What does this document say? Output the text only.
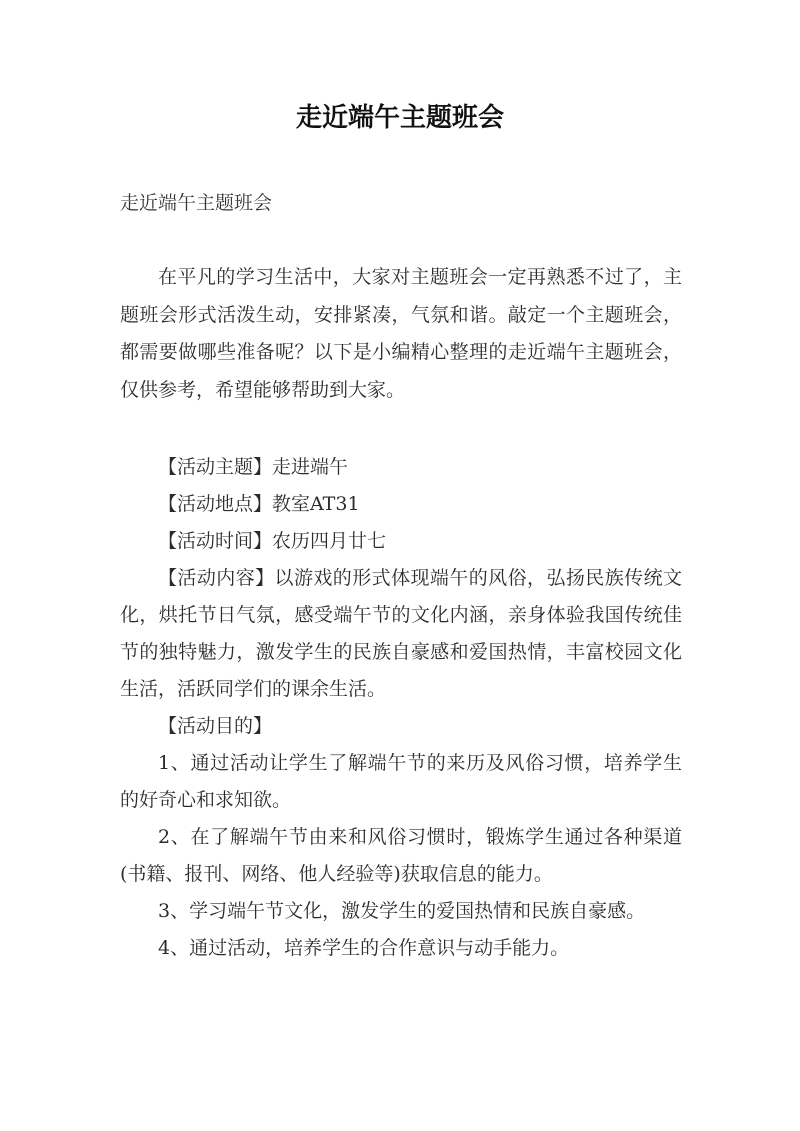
走近端午主题班会
走近端午主题班会

在平凡的学习生活中，大家对主题班会一定再熟悉不过了，主题班会形式活泼生动，安排紧凑，气氛和谐。敲定一个主题班会，都需要做哪些准备呢？以下是小编精心整理的走近端午主题班会，仅供参考，希望能够帮助到大家。

【活动主题】走进端午

【活动地点】教室AT31

【活动时间】农历四月廿七

【活动内容】以游戏的形式体现端午的风俗，弘扬民族传统文化，烘托节日气氛，感受端午节的文化内涵，亲身体验我国传统佳节的独特魅力，激发学生的民族自豪感和爱国热情，丰富校园文化生活，活跃同学们的课余生活。

【活动目的】

1、通过活动让学生了解端午节的来历及风俗习惯，培养学生的好奇心和求知欲。

2、在了解端午节由来和风俗习惯时，锻炼学生通过各种渠道(书籍、报刊、网络、他人经验等)获取信息的能力。

3、学习端午节文化，激发学生的爱国热情和民族自豪感。

4、通过活动，培养学生的合作意识与动手能力。
